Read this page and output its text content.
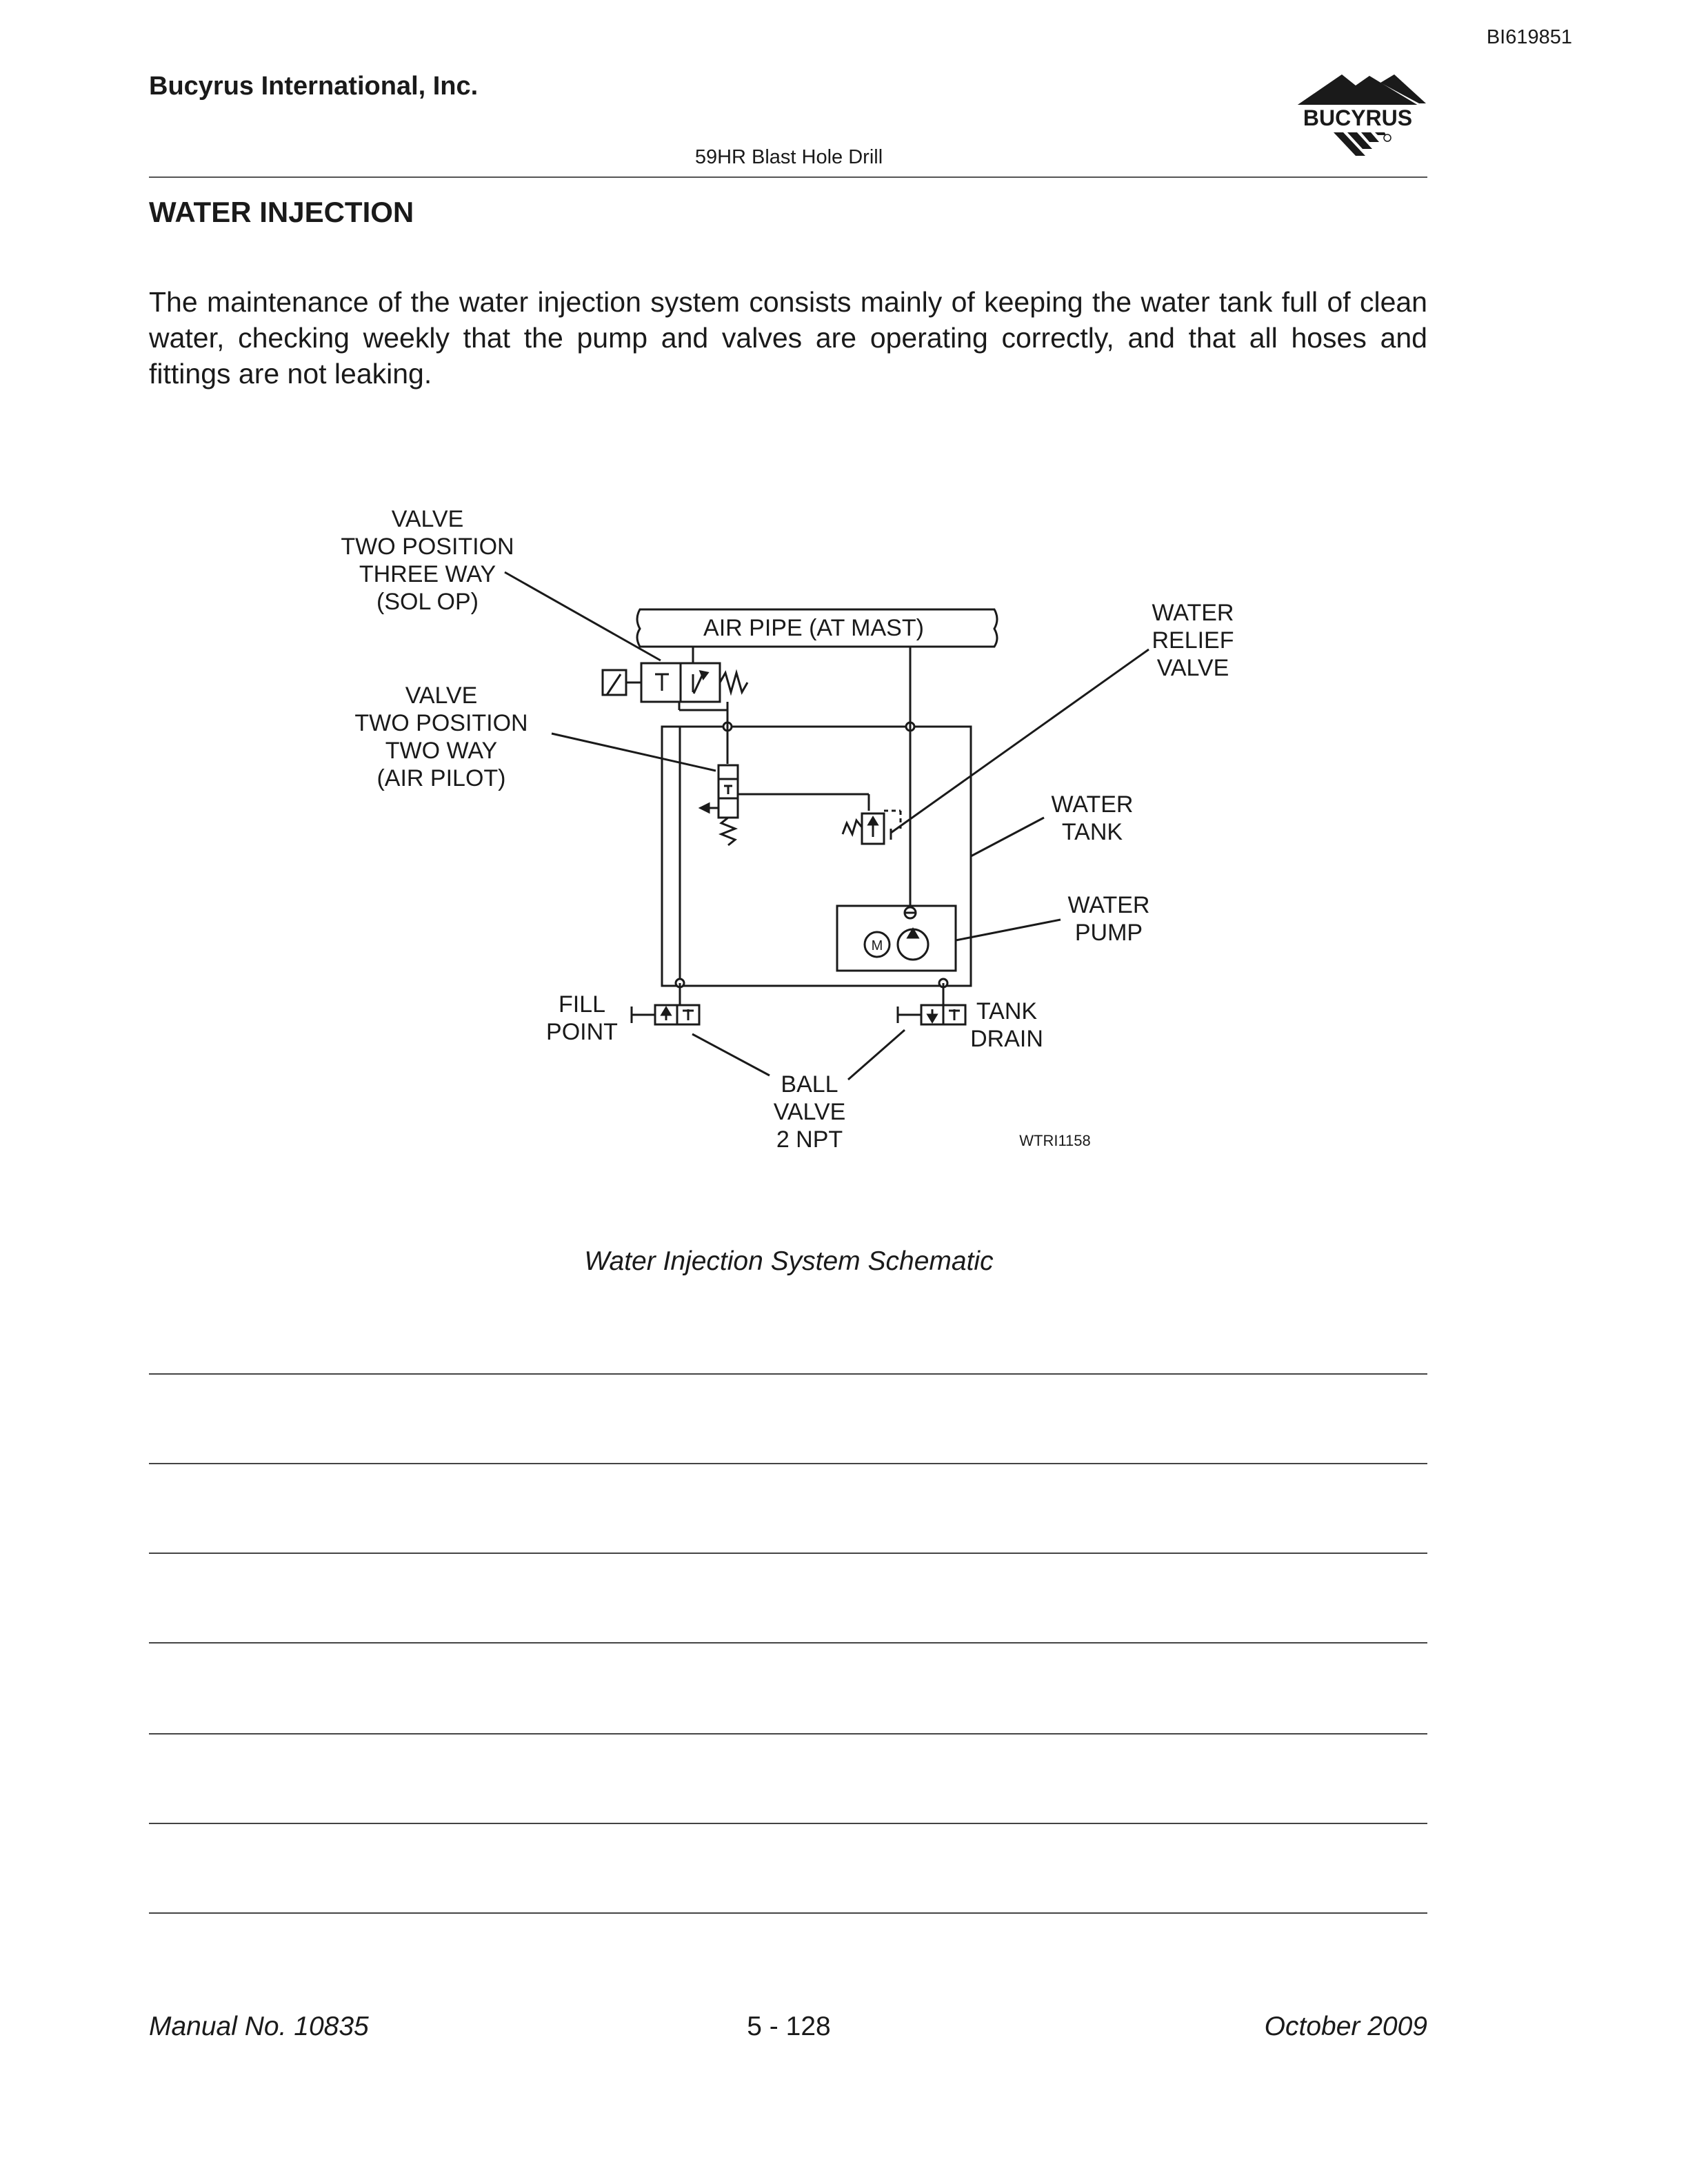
BI619851
Bucyrus International, Inc.
BUCYRUS
59HR Blast Hole Drill
WATER INJECTION
The maintenance of the water injection system consists mainly of keeping the water tank full of clean water, checking weekly that the pump and valves are operating correctly, and that all hoses and fittings are not leaking.
VALVE
TWO POSITION
THREE WAY
(SOL OP)
AIR PIPE (AT MAST)
VALVE
TWO POSITION
TWO WAY
(AIR PILOT)
WATER
RELIEF
VALVE
WATER
TANK
M
WATER
PUMP
FILL
POINT
TANK
DRAIN
BALL
VALVE
2 NPT	WTRI1158
Water Injection System Schematic
Manual No. 10835	5 - 128	October 2009
